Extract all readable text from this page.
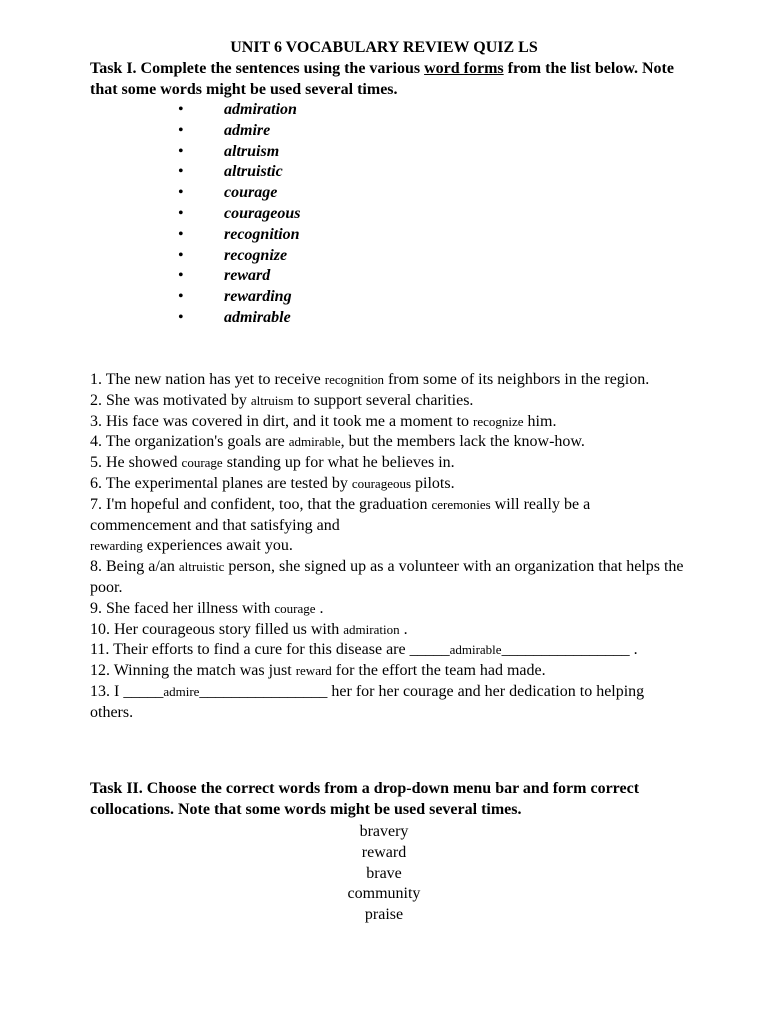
UNIT 6 VOCABULARY REVIEW QUIZ LS
Task I. Complete the sentences using the various word forms from the list below. Note that some words might be used several times.
•	admiration
•	admire
•	altruism
•	altruistic
•	courage
•	courageous
•	recognition
•	recognize
•	reward
•	rewarding
•	admirable

1. The new nation has yet to receive recognition from some of its neighbors in the region.

2. She was motivated by altruism to support several charities.

3. His face was covered in dirt, and it took me a moment to recognize him.

4. The organization's goals are admirable, but the members lack the know-how.

5. He showed courage standing up for what he believes in.

6. The experimental planes are tested by courageous pilots.

7. I'm hopeful and confident, too, that the graduation ceremonies will really be a commencement and that satisfying and

rewarding experiences await you.

8. Being a/an altruistic person, she signed up as a volunteer with an organization that helps the poor.

9. She faced her illness with courage .

10. Her courageous story filled us with admiration .

11. Their efforts to find a cure for this disease are _____admirable________________ .

12. Winning the match was just reward for the effort the team had made.

13. I _____admire________________ her for her courage and her dedication to helping others.

Task II. Choose the correct words from a drop-down menu bar and form correct collocations. Note that some words might be used several times.
bravery
reward
brave
community
praise
